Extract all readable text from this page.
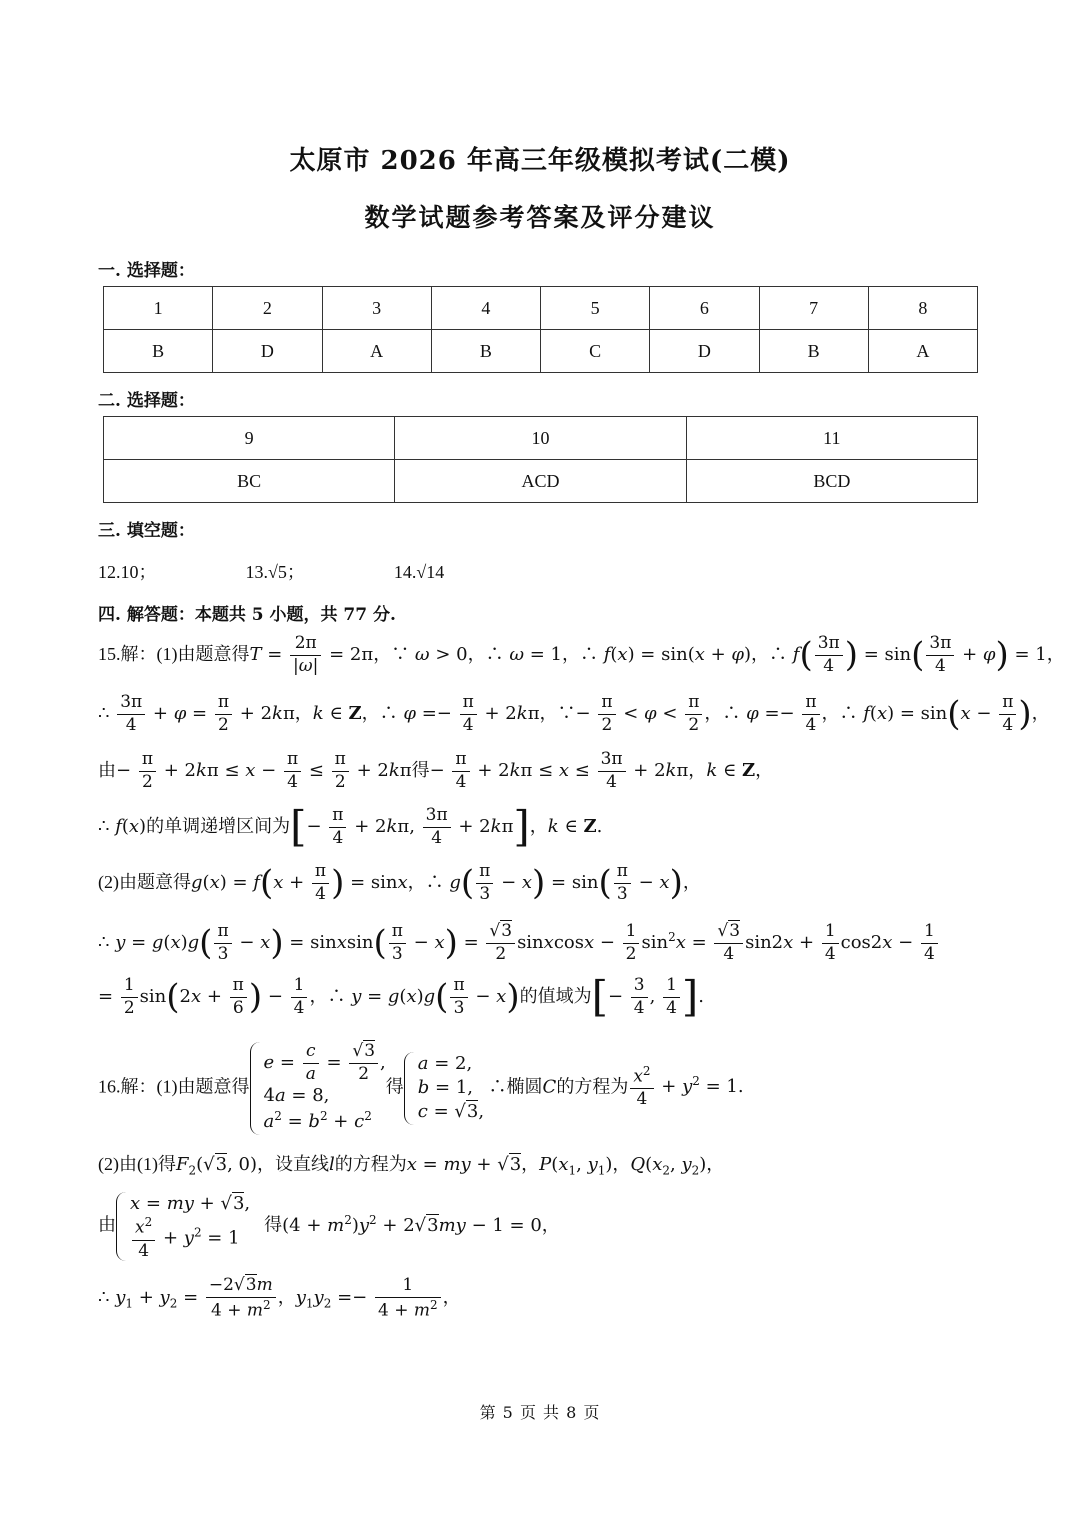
太原市 2026 年高三年级模拟考试(二模)
数学试题参考答案及评分建议
一. 选择题：
1	2	3	4	5	6	7	8
B	D	A	B	C	D	B	A
二. 选择题：
9	10	11
BC	ACD	BCD
三. 填空题：
12.10；	13.√5；	14.√14
四. 解答题：本题共 5 小题，共 77 分.
15.解：(1)由题意得$T = \frac{2\pi}{|\omega|} = 2\pi$，∵ ω > 0，∴ ω = 1，∴ f(x) = sin(x + φ)，∴ $f( \frac{3\pi}{4}$ ) = $\sin( \frac{3\pi}{4} + \varphi) = 1$，
∴ $\frac{3\pi}{4} + \varphi = \frac{\pi}{2} + 2k\pi$，k ∈ Z，∴ $\varphi =- \frac{\pi}{4} + 2k\pi$，∵− $\frac{\pi}{2} < \varphi < \frac{\pi}{2}$ ，∴ $\varphi =- \frac{\pi}{4}$ ，∴ $f(x) = \sin(x - \frac{\pi}{4}$ )，
由− $\frac{\pi}{2} + 2k\pi \le x - \frac{\pi}{4} \le \frac{\pi}{2} + 2k\pi$得− $\frac{\pi}{4} + 2k\pi \le x \le \frac{3\pi}{4} + 2k\pi$，k ∈ Z，
∴ f(x)的单调递增区间为[− $\frac{\pi}{4} + 2k\pi$, $\frac{3\pi}{4} + 2k\pi$]，k ∈ Z.
(2)由题意得$g(x) = f(x + \frac{\pi}{4}$ ) = sinx，∴ $g( \frac{\pi}{3} - x) = \sin( \frac{\pi}{3} - x)$，
∴ $y = g(x)g( \frac{\pi}{3} - x)$ = sinxsin( $\frac{\pi}{3} - x) = \frac{√3}{2}$ sinxcosx − $\frac{1}{2} \sin^2x = \frac{√3}{4} \sin 2x + \frac{1}{4} \cos 2x - \frac{1}{4}$
= $\frac{1}{2} \sin(2x + \frac{\pi}{6}$ ) − $\frac{1}{4}$ ，∴ $y = g(x)g( \frac{\pi}{3} - x)$的值域为[− $\frac{3}{4}$ , $\frac{1}{4}$ ].
16.解：(1)由题意得
$e = \frac{c}{a} = \frac{√3}{2}$ ,
4a = 8,
$a^2 = b^2 + c^2$
得
a = 2,
b = 1,
c = √3,
∴椭圆C的方程为 $\frac{x^2}{4} + y^2 = 1$.
(2)由(1)得$F_2(√3$, 0)，设直线l的方程为x = my + √3，$P(x_1$, $y_1$)，$Q(x_2$, $y_2$)，
由
x = my + √3,
$\frac{x^2}{4} + y^2 = 1$
得$(4 + m^2)y^2 + 2√3my - 1 = 0$，
∴ $y_1 + y_2 = \frac{-2√3m}{4 + m^2}$ ，$y_1y_2 =- \frac{1}{4 + m^2}$ ，
第 5 页 共 8 页
